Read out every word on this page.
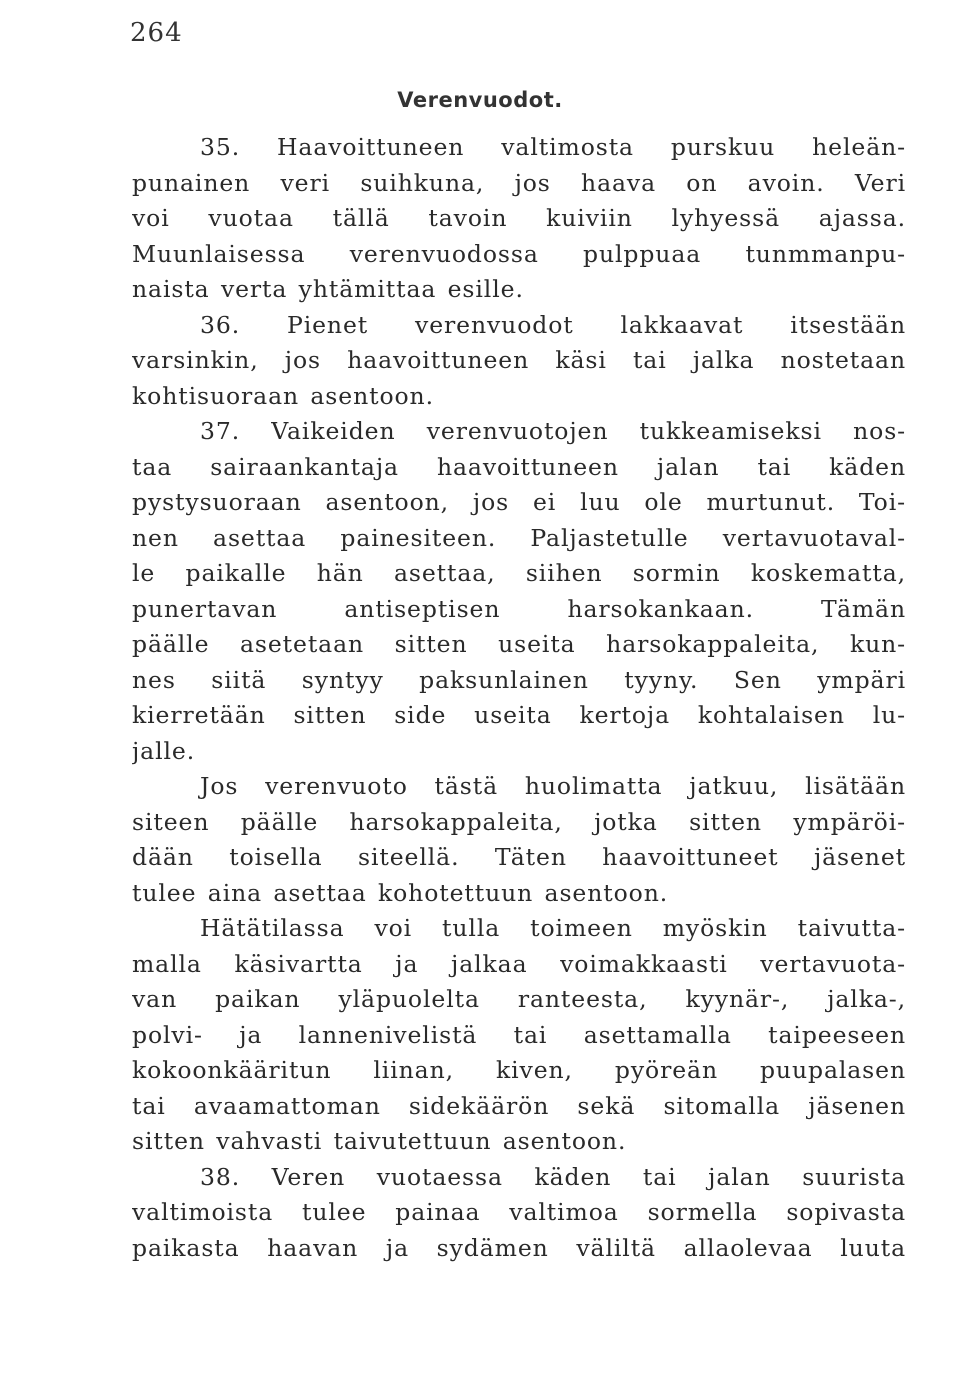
264
Verenvuodot.
35. Haavoittuneen valtimosta purskuu heleän-
punainen veri suihkuna, jos haava on avoin. Veri
voi vuotaa tällä tavoin kuiviin lyhyessä ajassa.
Muunlaisessa verenvuodossa pulppuaa tunmmanpu-
naista verta yhtämittaa esille.
36. Pienet verenvuodot lakkaavat itsestään
varsinkin, jos haavoittuneen käsi tai jalka nostetaan
kohtisuoraan asentoon.
37. Vaikeiden verenvuotojen tukkeamiseksi nos-
taa sairaankantaja haavoittuneen jalan tai käden
pystysuoraan asentoon, jos ei luu ole murtunut. Toi-
nen asettaa painesiteen. Paljastetulle vertavuotaval-
le paikalle hän asettaa, siihen sormin koskematta,
punertavan antiseptisen harsokankaan. Tämän
päälle asetetaan sitten useita harsokappaleita, kun-
nes siitä syntyy paksunlainen tyyny. Sen ympäri
kierretään sitten side useita kertoja kohtalaisen lu-
jalle.
Jos verenvuoto tästä huolimatta jatkuu, lisätään
siteen päälle harsokappaleita, jotka sitten ympäröi-
dään toisella siteellä. Täten haavoittuneet jäsenet
tulee aina asettaa kohotettuun asentoon.
Hätätilassa voi tulla toimeen myöskin taivutta-
malla käsivartta ja jalkaa voimakkaasti vertavuota-
van paikan yläpuolelta ranteesta, kyynär-, jalka-,
polvi- ja lannenivelistä tai asettamalla taipeeseen
kokoonkääritun liinan, kiven, pyöreän puupalasen
tai avaamattoman sidekäärön sekä sitomalla jäsenen
sitten vahvasti taivutettuun asentoon.
38. Veren vuotaessa käden tai jalan suurista
valtimoista tulee painaa valtimoa sormella sopivasta
paikasta haavan ja sydämen väliltä allaolevaa luuta
